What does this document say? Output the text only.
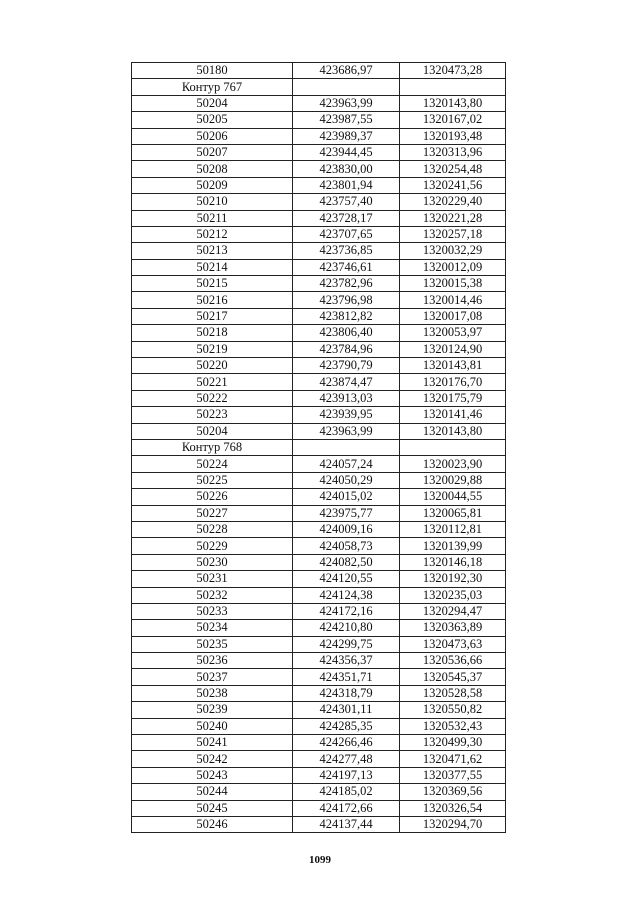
50180	423686,97	1320473,28
Контур 767		
50204	423963,99	1320143,80
50205	423987,55	1320167,02
50206	423989,37	1320193,48
50207	423944,45	1320313,96
50208	423830,00	1320254,48
50209	423801,94	1320241,56
50210	423757,40	1320229,40
50211	423728,17	1320221,28
50212	423707,65	1320257,18
50213	423736,85	1320032,29
50214	423746,61	1320012,09
50215	423782,96	1320015,38
50216	423796,98	1320014,46
50217	423812,82	1320017,08
50218	423806,40	1320053,97
50219	423784,96	1320124,90
50220	423790,79	1320143,81
50221	423874,47	1320176,70
50222	423913,03	1320175,79
50223	423939,95	1320141,46
50204	423963,99	1320143,80
Контур 768		
50224	424057,24	1320023,90
50225	424050,29	1320029,88
50226	424015,02	1320044,55
50227	423975,77	1320065,81
50228	424009,16	1320112,81
50229	424058,73	1320139,99
50230	424082,50	1320146,18
50231	424120,55	1320192,30
50232	424124,38	1320235,03
50233	424172,16	1320294,47
50234	424210,80	1320363,89
50235	424299,75	1320473,63
50236	424356,37	1320536,66
50237	424351,71	1320545,37
50238	424318,79	1320528,58
50239	424301,11	1320550,82
50240	424285,35	1320532,43
50241	424266,46	1320499,30
50242	424277,48	1320471,62
50243	424197,13	1320377,55
50244	424185,02	1320369,56
50245	424172,66	1320326,54
50246	424137,44	1320294,70
1099
